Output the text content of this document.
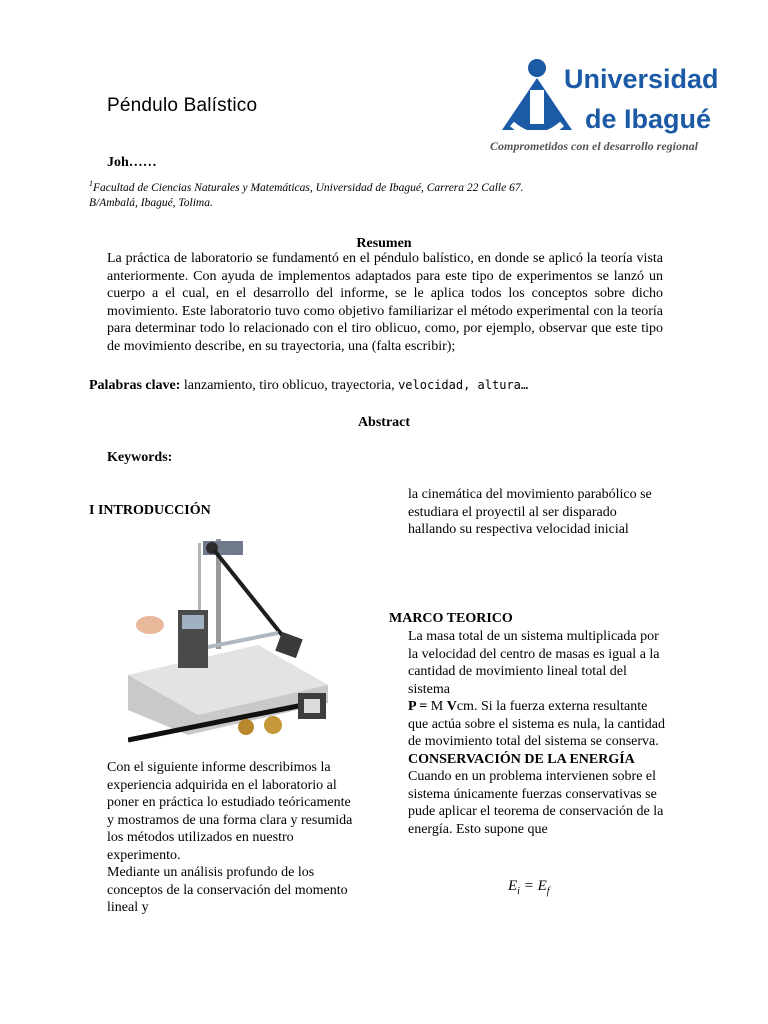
Péndulo Balístico
Universidad
de Ibagué
Comprometidos con el desarrollo regional
Joh……
$^1$Facultad de Ciencias Naturales y Matemáticas, Universidad de Ibagué, Carrera 22 Calle 67.
B/Ambalá, Ibagué, Tolima.
Resumen
La práctica de laboratorio se fundamentó en el péndulo balístico, en donde se aplicó la teoría vista anteriormente. Con ayuda de implementos adaptados para este tipo de experimentos se lanzó un cuerpo a el cual, en el desarrollo del informe, se le aplica todos los conceptos sobre dicho movimiento. Este laboratorio tuvo como objetivo familiarizar el método experimental con la teoría para determinar todo lo relacionado con el tiro oblicuo, como, por ejemplo, observar que este tipo de movimiento describe, en su trayectoria, una (falta escribir);
Palabras clave: lanzamiento, tiro oblicuo, trayectoria, velocidad, altura…
Abstract
Keywords:
I INTRODUCCIÓN
la cinemática del movimiento parabólico se estudiara el proyectil al ser disparado hallando su respectiva velocidad inicial
Con el siguiente informe describimos la experiencia adquirida en el laboratorio al poner en práctica lo estudiado teóricamente y mostramos de una forma clara y resumida los métodos utilizados en nuestro experimento.
Mediante un análisis profundo de los conceptos de la conservación del momento lineal y
MARCO TEORICO
La masa total de un sistema multiplicada por la velocidad del centro de masas es igual a la cantidad de movimiento lineal total del sistema
P = M Vcm. Si la fuerza externa resultante que actúa sobre el sistema es nula, la cantidad de movimiento total del sistema se conserva.
CONSERVACIÓN DE LA ENERGÍA
Cuando en un problema intervienen sobre el sistema únicamente fuerzas conservativas se pude aplicar el teorema de conservación de la energía. Esto supone que
$E_i = E_f$
